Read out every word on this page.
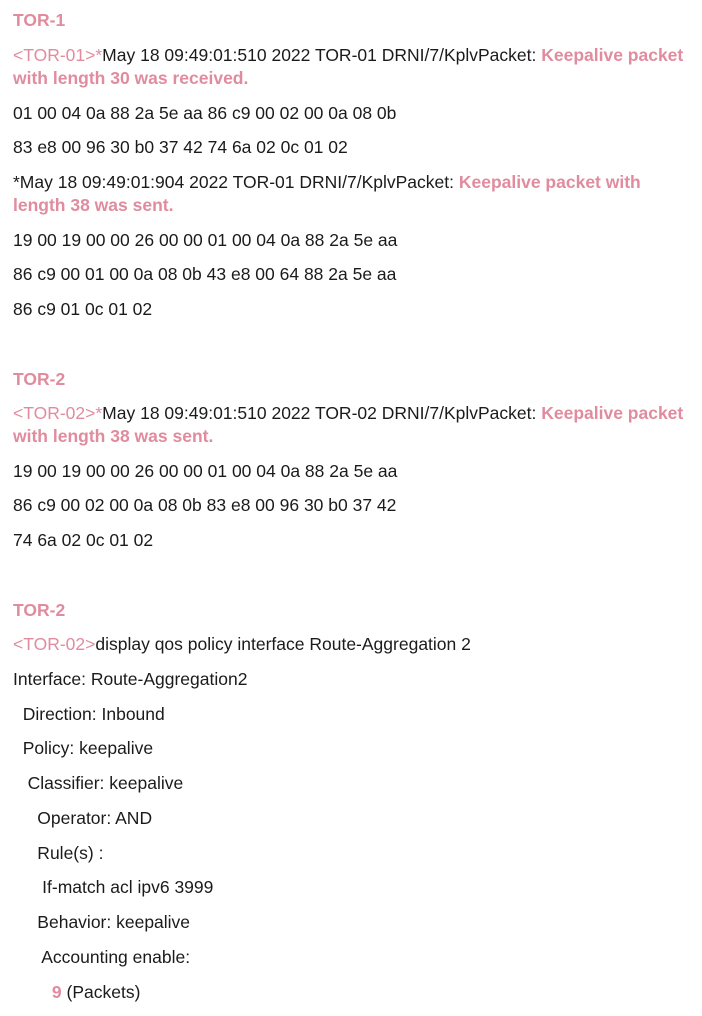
TOR-1
<TOR-01>*May 18 09:49:01:510 2022 TOR-01 DRNI/7/KplvPacket: Keepalive packet with length 30 was received.
01 00 04 0a 88 2a 5e aa 86 c9 00 02 00 0a 08 0b
83 e8 00 96 30 b0 37 42 74 6a 02 0c 01 02
*May 18 09:49:01:904 2022 TOR-01 DRNI/7/KplvPacket: Keepalive packet with length 38 was sent.
19 00 19 00 00 26 00 00 01 00 04 0a 88 2a 5e aa
86 c9 00 01 00 0a 08 0b 43 e8 00 64 88 2a 5e aa
86 c9 01 0c 01 02
TOR-2
<TOR-02>*May 18 09:49:01:510 2022 TOR-02 DRNI/7/KplvPacket: Keepalive packet with length 38 was sent.
19 00 19 00 00 26 00 00 01 00 04 0a 88 2a 5e aa
86 c9 00 02 00 0a 08 0b 83 e8 00 96 30 b0 37 42
74 6a 02 0c 01 02
TOR-2
<TOR-02>display qos policy interface Route-Aggregation 2
Interface: Route-Aggregation2
Direction: Inbound
Policy: keepalive
Classifier: keepalive
Operator: AND
Rule(s) :
If-match acl ipv6 3999
Behavior: keepalive
Accounting enable:
9 (Packets)
